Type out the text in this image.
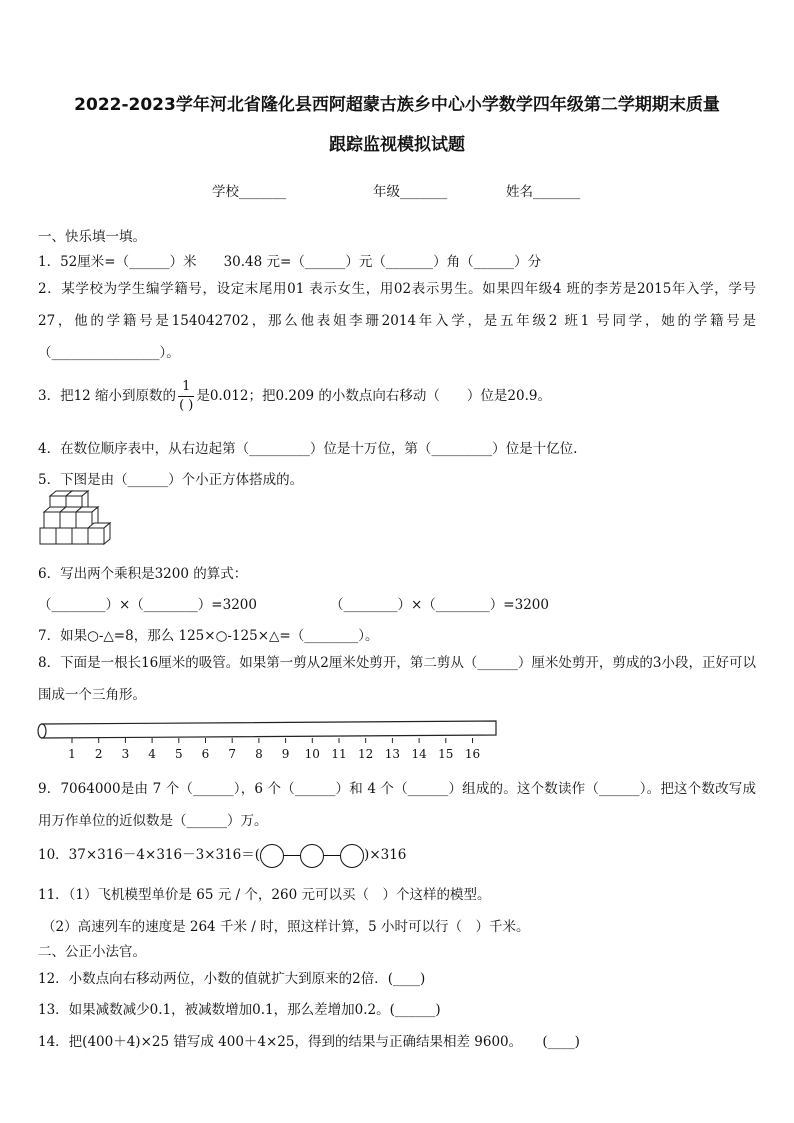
2022-2023学年河北省隆化县西阿超蒙古族乡中心小学数学四年级第二学期期末质量
跟踪监视模拟试题
学校_______	年级_______	姓名_______
一、快乐填一填。
1．52厘米=（______）米　　30.48 元=（______）元（_______）角（______）分
2．某学校为学生编学籍号，设定末尾用01 表示女生，用02表示男生。如果四年级4 班的李芳是2015年入学，学号27，他的学籍号是154042702，那么他表姐李珊2014年入学，是五年级2 班1 号同学，她的学籍号是（________________）。
3．把12 缩小到原数的 $\frac{1}{( )}$ 是0.012；把0.209 的小数点向右移动（　　）位是20.9。
4．在数位顺序表中，从右边起第（_________）位是十万位，第（_________）位是十亿位.
5．下图是由（______）个小正方体搭成的。
6．写出两个乘积是3200 的算式：
（________）×（________）=3200	（________）×（________）=3200
7．如果○-△=8，那么 125×○-125×△=（________）。
8．下面是一根长16厘米的吸管。如果第一剪从2厘米处剪开，第二剪从（______）厘米处剪开，剪成的3小段，正好可以围成一个三角形。
1 2 3 4 5 6 7 8 9 10 11 12 13 14 15 16
9．7064000是由 7 个（______），6 个（______）和 4 个（______）组成的。这个数读作（______）。把这个数改写成用万作单位的近似数是（______）万。
10．37×316－4×316－3×316＝(	)×316
11．（1）飞机模型单价是 65 元 / 个，260 元可以买（　）个这样的模型。
（2）高速列车的速度是 264 千米 / 时，照这样计算，5 小时可以行（　）千米。
二、公正小法官。
12．小数点向右移动两位，小数的值就扩大到原来的2倍．(____)
13．如果减数减少0.1，被减数增加0.1，那么差增加0.2。(______)
14．把(400＋4)×25 错写成 400＋4×25，得到的结果与正确结果相差 9600。　　(____)
